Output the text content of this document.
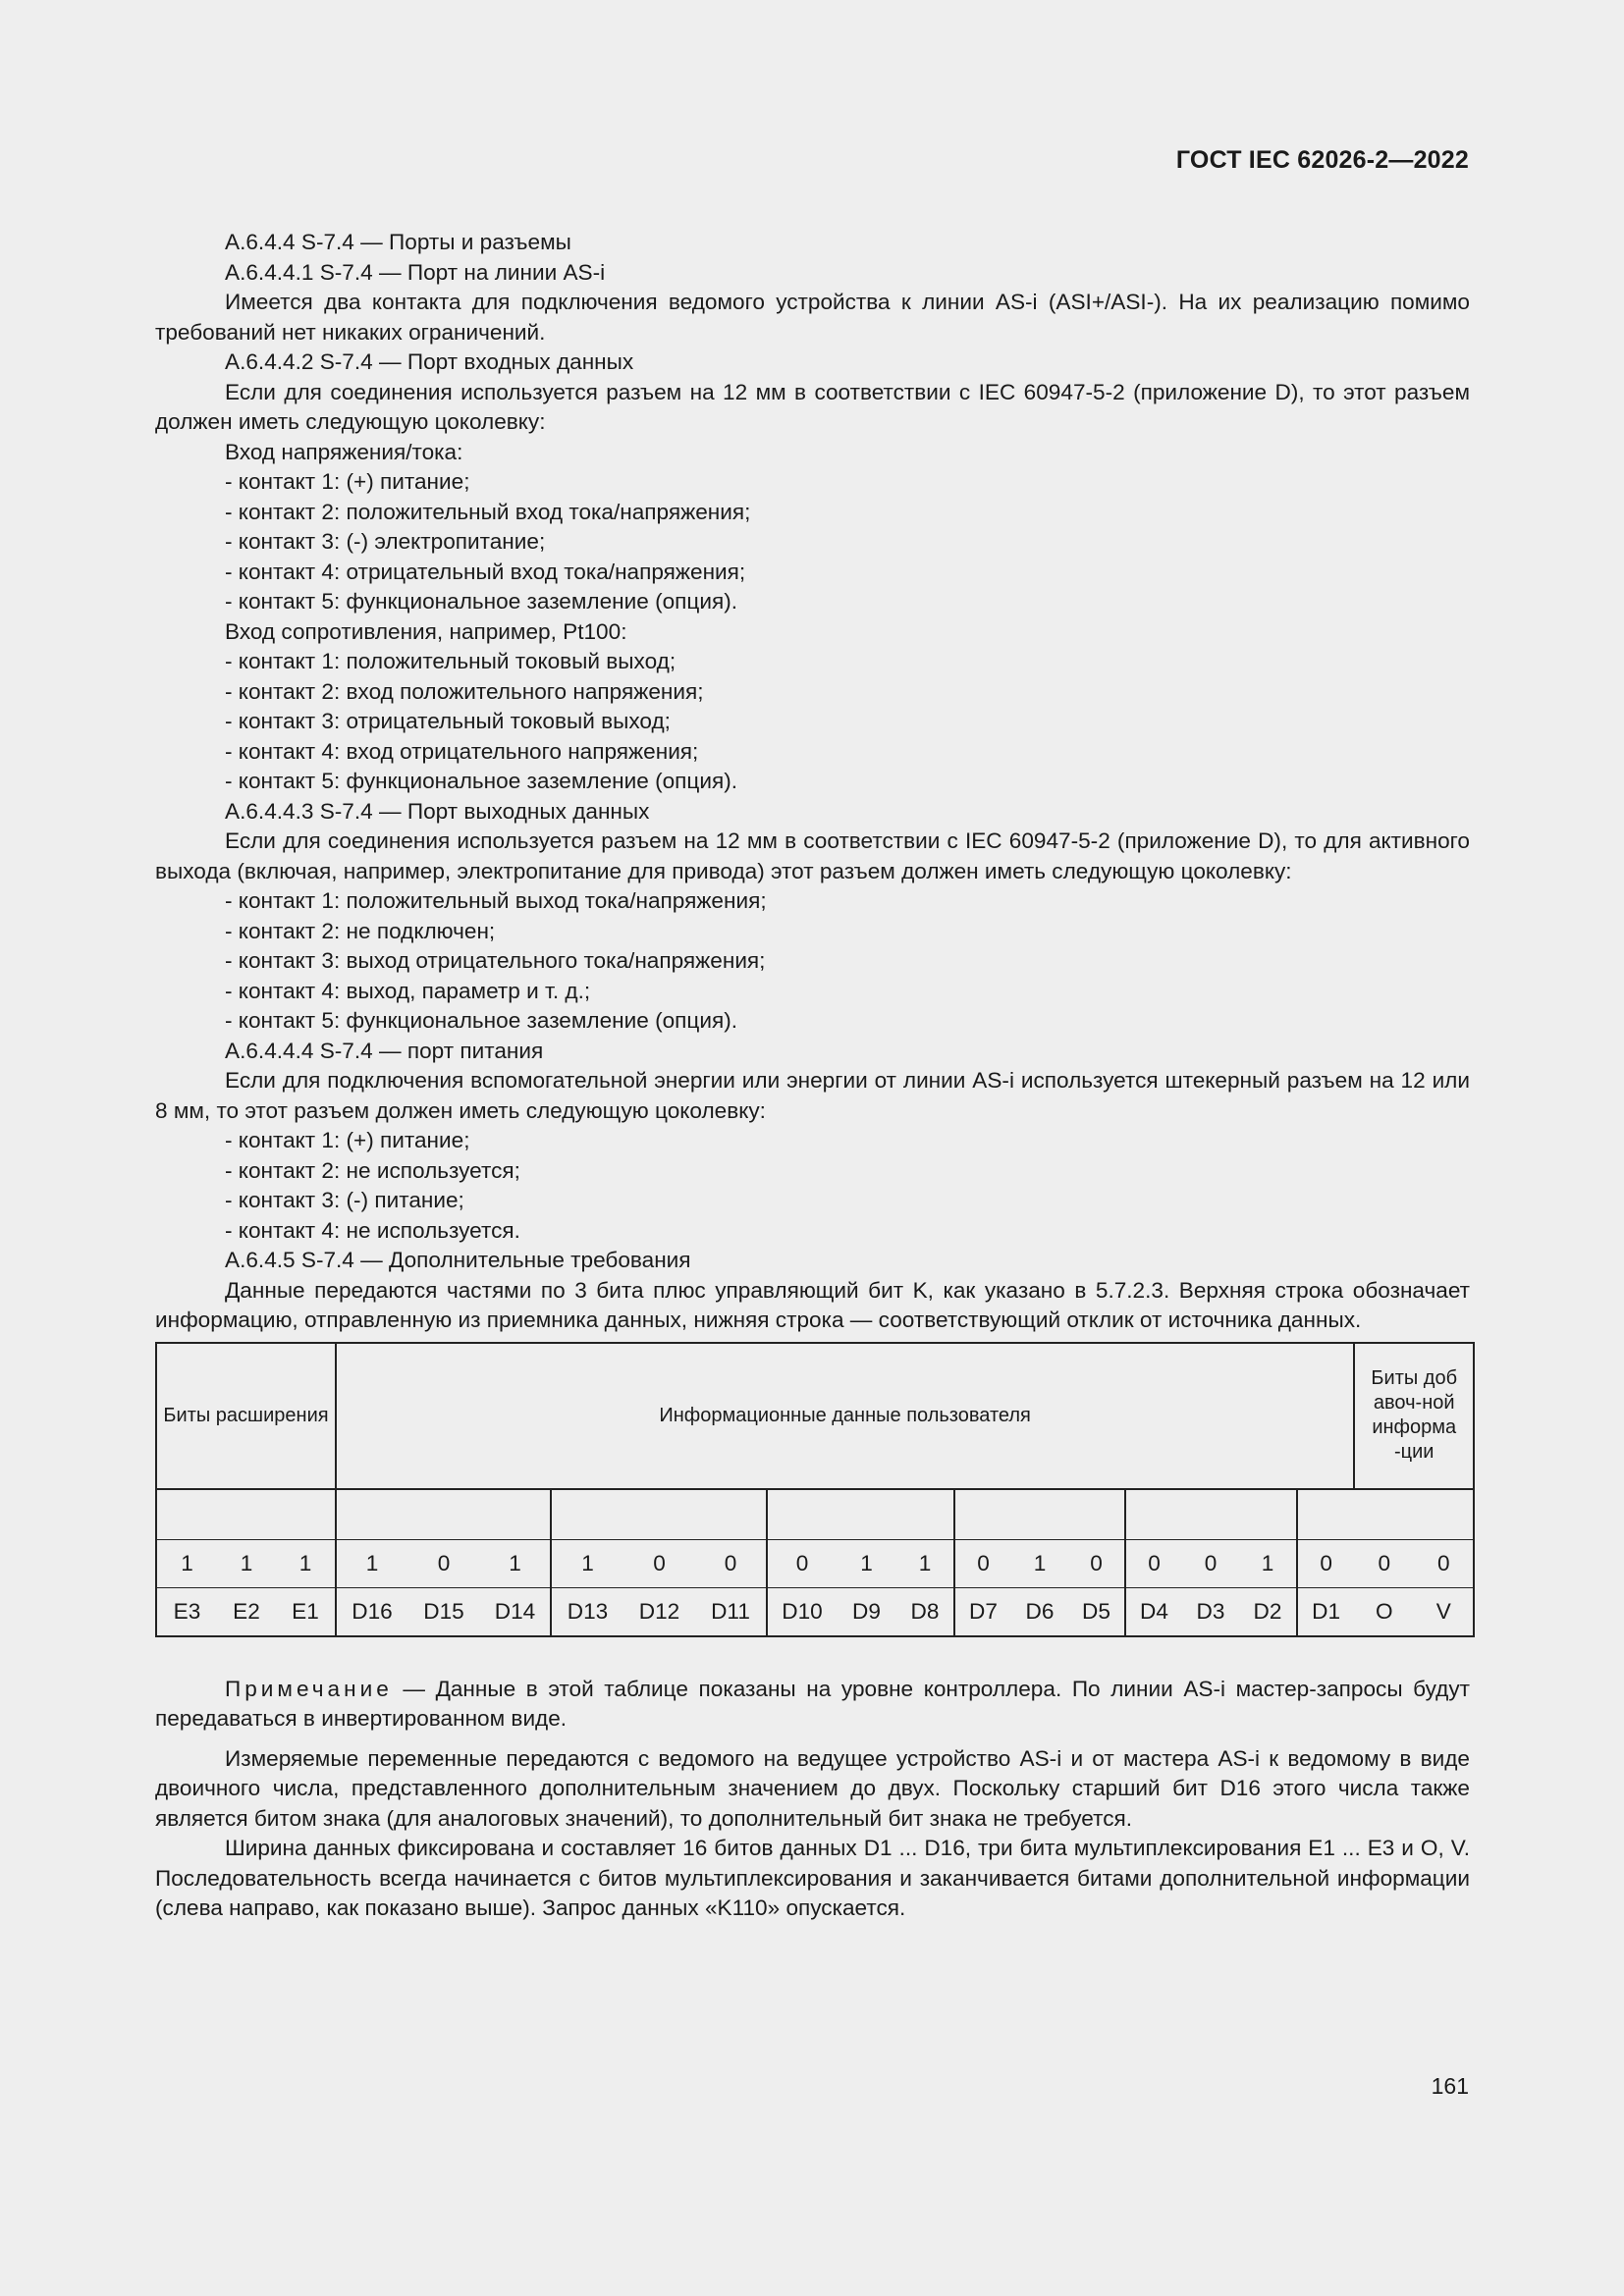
ГОСТ IEC 62026-2—2022

A.6.4.4 S-7.4 — Порты и разъемы

A.6.4.4.1 S-7.4 — Порт на линии AS-i

Имеется два контакта для подключения ведомого устройства к линии AS-i (ASI+/ASI-). На их реализацию помимо требований нет никаких ограничений.

A.6.4.4.2 S-7.4 — Порт входных данных

Если для соединения используется разъем на 12 мм в соответствии с IEC 60947-5-2 (приложение D), то этот разъем должен иметь следующую цоколевку:

Вход напряжения/тока:

- контакт 1: (+) питание;

- контакт 2: положительный вход тока/напряжения;

- контакт 3: (-) электропитание;

- контакт 4: отрицательный вход тока/напряжения;

- контакт 5: функциональное заземление (опция).

Вход сопротивления, например, Pt100:

- контакт 1: положительный токовый выход;

- контакт 2: вход положительного напряжения;

- контакт 3: отрицательный токовый выход;

- контакт 4: вход отрицательного напряжения;

- контакт 5: функциональное заземление (опция).

A.6.4.4.3 S-7.4 — Порт выходных данных

Если для соединения используется разъем на 12 мм в соответствии с IEC 60947-5-2 (приложение D), то для активного выхода (включая, например, электропитание для привода) этот разъем должен иметь следующую цоколевку:

- контакт 1: положительный выход тока/напряжения;

- контакт 2: не подключен;

- контакт 3: выход отрицательного тока/напряжения;

- контакт 4: выход, параметр и т. д.;

- контакт 5: функциональное заземление (опция).

A.6.4.4.4 S-7.4 — порт питания

Если для подключения вспомогательной энергии или энергии от линии AS-i используется штекерный разъем на 12 или 8 мм, то этот разъем должен иметь следующую цоколевку:

- контакт 1: (+) питание;

- контакт 2: не используется;

- контакт 3: (-) питание;

- контакт 4: не используется.

A.6.4.5 S-7.4 — Дополнительные требования

Данные передаются частями по 3 бита плюс управляющий бит K, как указано в 5.7.2.3. Верхняя строка обозначает информацию, отправленную из приемника данных, нижняя строка — соответствующий отклик от источника данных.

Биты расширения			Информационные данные пользователя																Биты добавоч-ной информа-ции	

1	1	1	1	0	1	1	0	0	0	1	1	0	1	0	0	0	1	0	0	0
E3	E2	E1	D16	D15	D14	D13	D12	D11	D10	D9	D8	D7	D6	D5	D4	D3	D2	D1	O	V

Примечание — Данные в этой таблице показаны на уровне контроллера. По линии AS-i мастер-запросы будут передаваться в инвертированном виде.

Измеряемые переменные передаются с ведомого на ведущее устройство AS-i и от мастера AS-i к ведомому в виде двоичного числа, представленного дополнительным значением до двух. Поскольку старший бит D16 этого числа также является битом знака (для аналоговых значений), то дополнительный бит знака не требуется.

Ширина данных фиксирована и составляет 16 битов данных D1 ... D16, три бита мультиплексирования E1 ... E3 и O, V. Последовательность всегда начинается с битов мультиплексирования и заканчивается битами дополнительной информации (слева направо, как показано выше). Запрос данных «K110» опускается.

161
